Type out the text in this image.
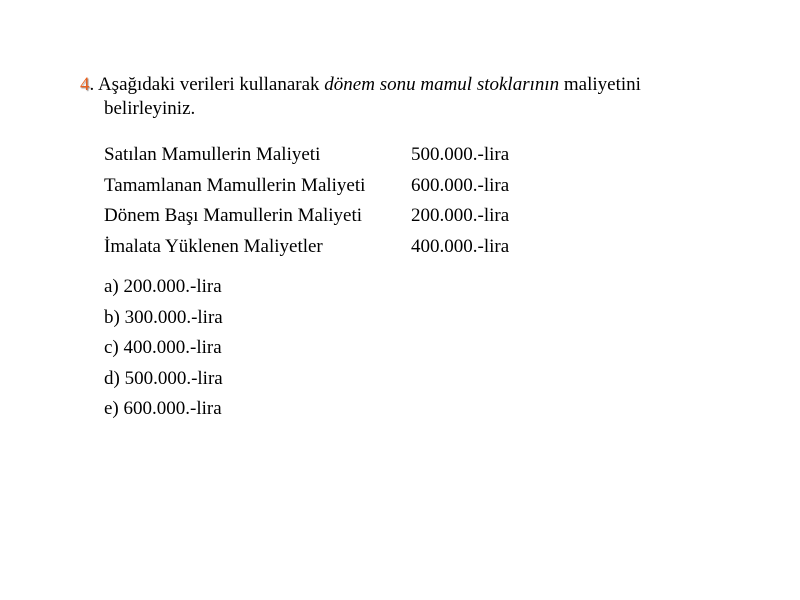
4. Aşağıdaki verileri kullanarak dönem sonu mamul stoklarının maliyetini
belirleyiniz.
Satılan Mamullerin Maliyeti	500.000.-lira
Tamamlanan Mamullerin Maliyeti	600.000.-lira
Dönem Başı Mamullerin Maliyeti	200.000.-lira
İmalata Yüklenen Maliyetler	400.000.-lira
a) 200.000.-lira
b) 300.000.-lira
c) 400.000.-lira
d) 500.000.-lira
e) 600.000.-lira
